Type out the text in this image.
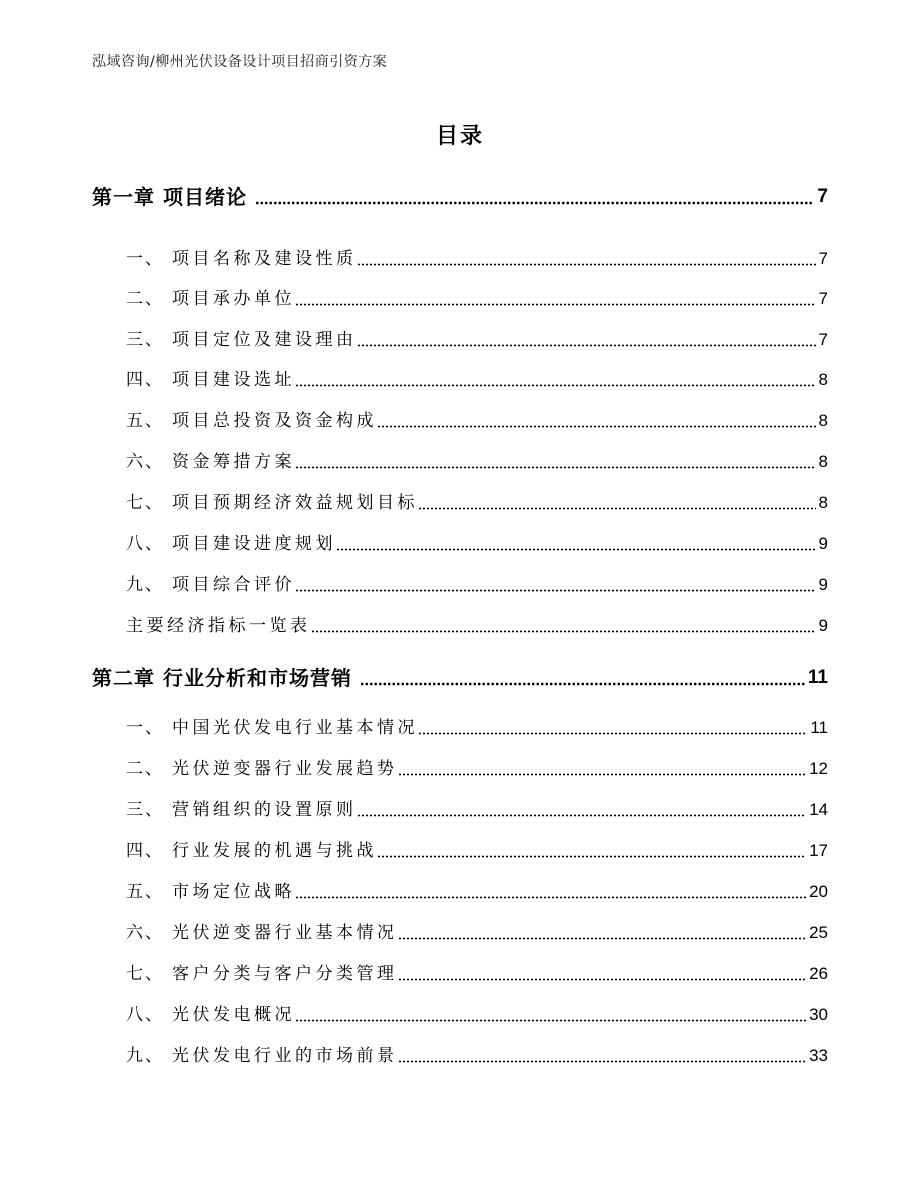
泓域咨询/柳州光伏设备设计项目招商引资方案
目录
第一章 项目绪论	7
一、 项目名称及建设性质	7
二、 项目承办单位	7
三、 项目定位及建设理由	7
四、 项目建设选址	8
五、 项目总投资及资金构成	8
六、 资金筹措方案	8
七、 项目预期经济效益规划目标	8
八、 项目建设进度规划	9
九、 项目综合评价	9
主要经济指标一览表	9
第二章 行业分析和市场营销	11
一、 中国光伏发电行业基本情况	11
二、 光伏逆变器行业发展趋势	12
三、 营销组织的设置原则	14
四、 行业发展的机遇与挑战	17
五、 市场定位战略	20
六、 光伏逆变器行业基本情况	25
七、 客户分类与客户分类管理	26
八、 光伏发电概况	30
九、 光伏发电行业的市场前景	33
